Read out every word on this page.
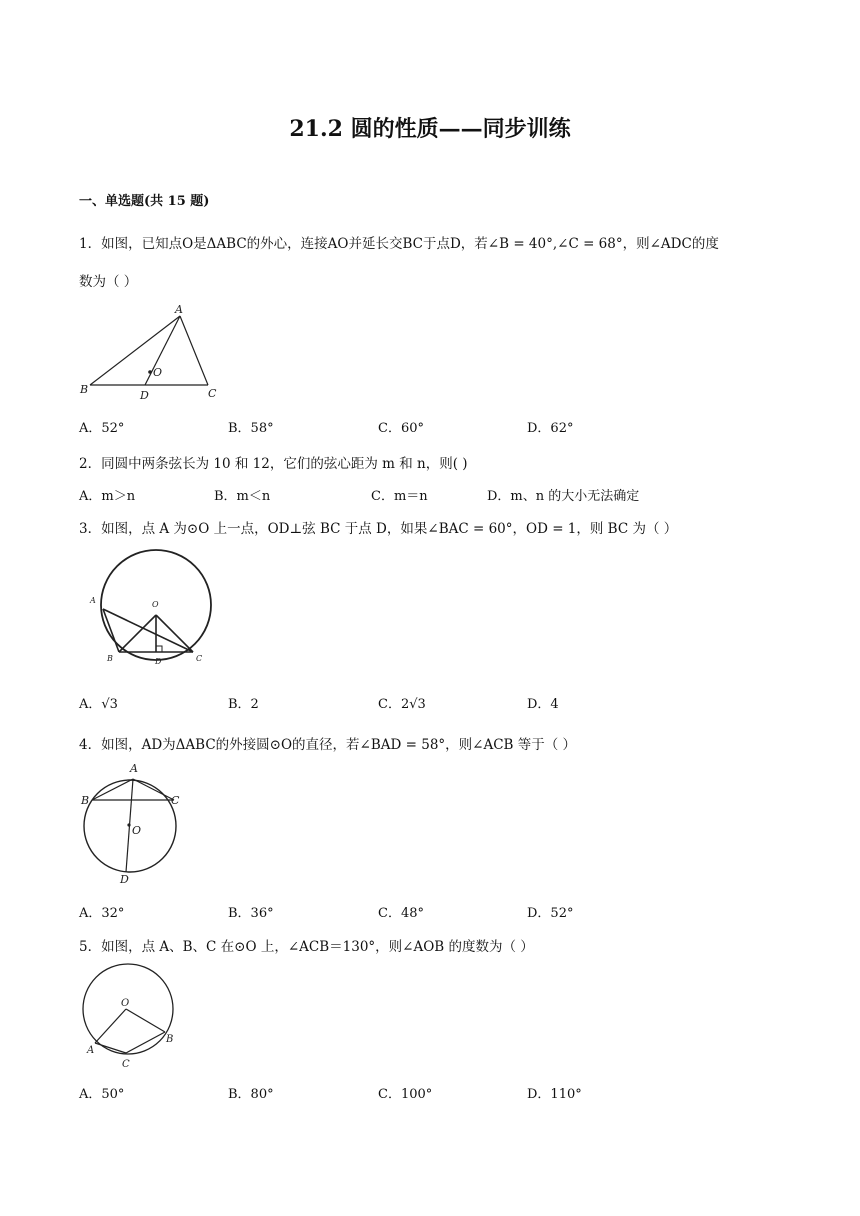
21.2 圆的性质——同步训练
一、单选题(共 15 题)
1．如图，已知点O是ΔABC的外心，连接AO并延长交BC于点D，若∠B = 40°,∠C = 68°，则∠ADC的度
数为（ ）
A
B	C
D
O
A．52°	B．58°	C．60°	D．62°
2．同圆中两条弦长为 10 和 12，它们的弦心距为 m 和 n，则( )
A．m＞n	B．m＜n	C．m＝n	D．m、n 的大小无法确定
3．如图，点 A 为⊙O 上一点，OD⊥弦 BC 于点 D，如果∠BAC = 60°，OD = 1，则 BC 为（ ）
A	O
B	D	C
A．√3	B．2	C．2√3	D．4
4．如图，AD为ΔABC的外接圆⊙O的直径，若∠BAD = 58°，则∠ACB 等于（ ）
A
B	C
O
D
A．32°	B．36°	C．48°	D．52°
5．如图，点 A、B、C 在⊙O 上，∠ACB＝130°，则∠AOB 的度数为（ ）
O
A
B
C
A．50°	B．80°	C．100°	D．110°
